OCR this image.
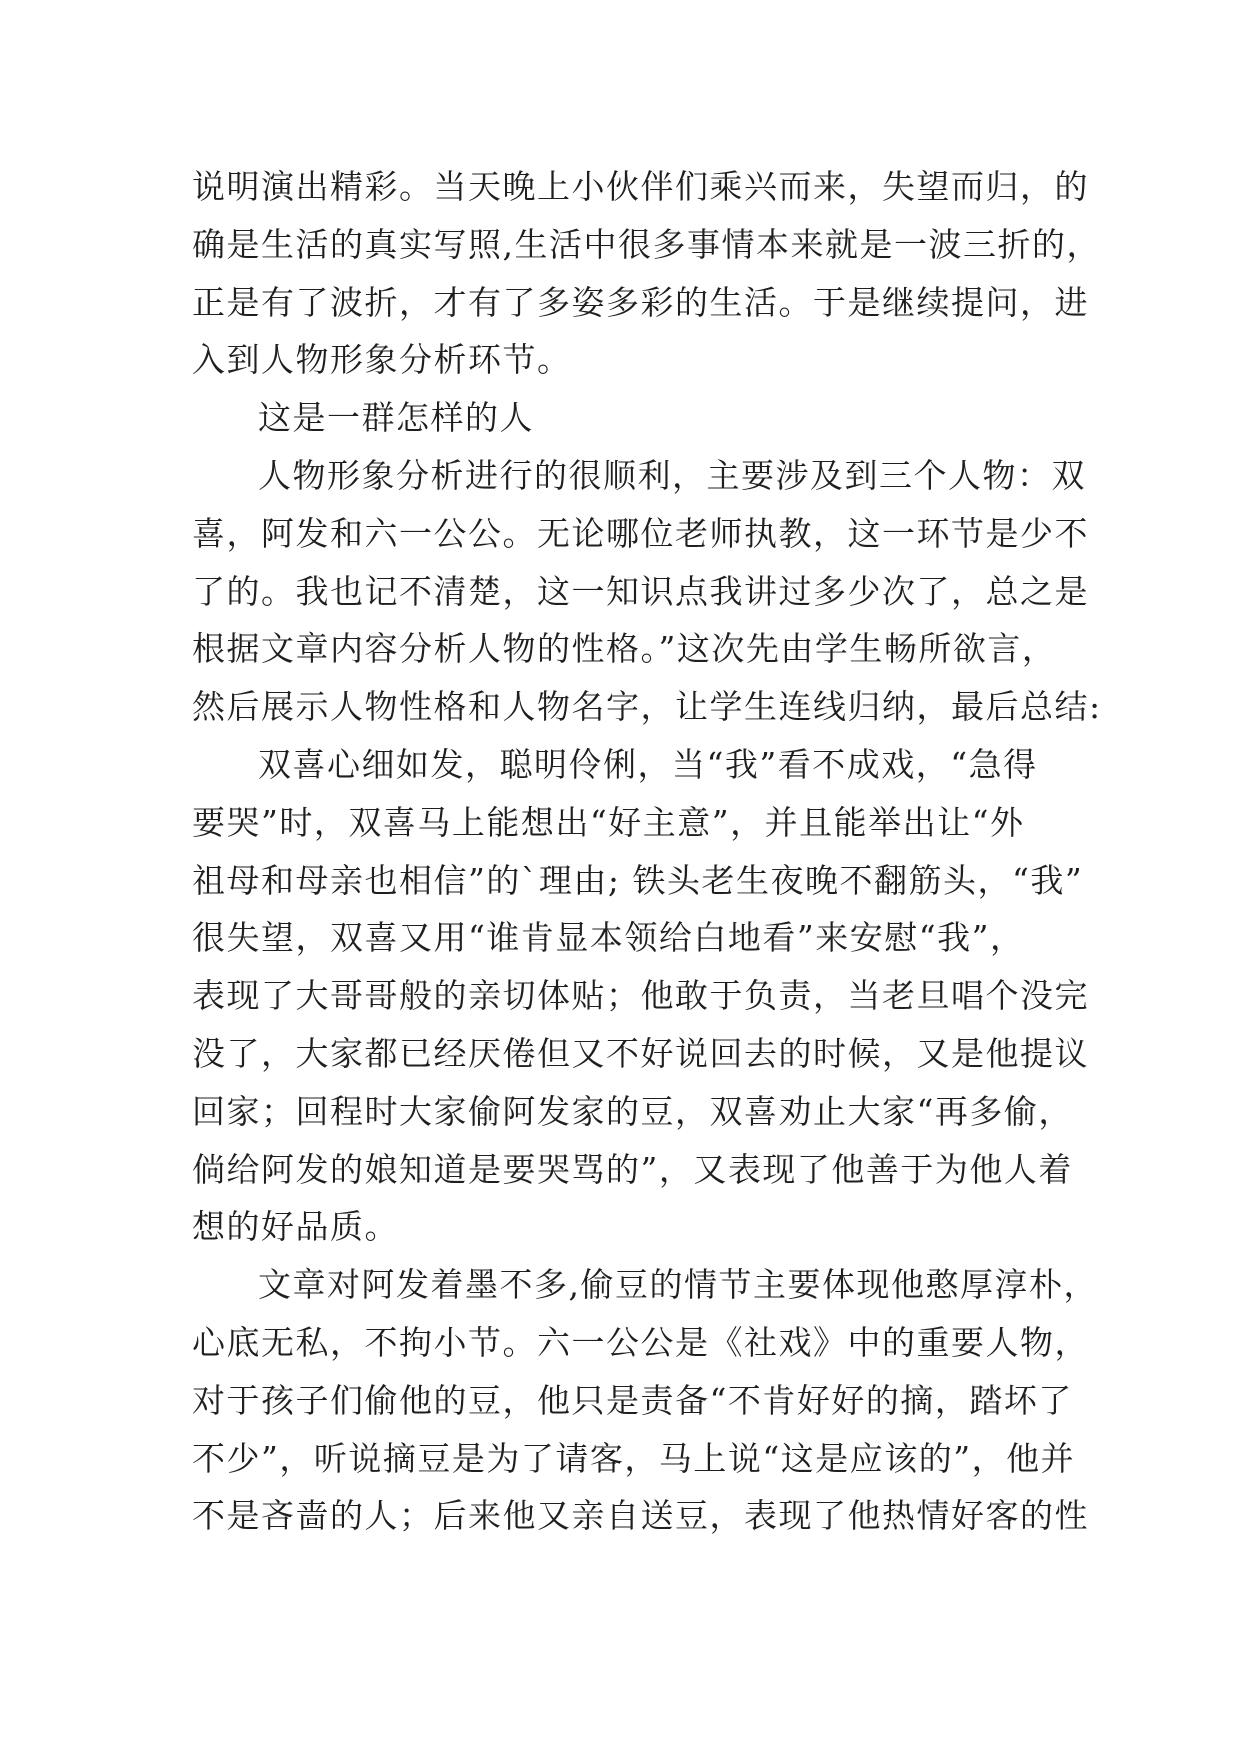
说明演出精彩。当天晚上小伙伴们乘兴而来，失望而归，的
确是生活的真实写照,生活中很多事情本来就是一波三折的，
正是有了波折，才有了多姿多彩的生活。于是继续提问，进
入到人物形象分析环节。
这是一群怎样的人
人物形象分析进行的很顺利，主要涉及到三个人物：双
喜，阿发和六一公公。无论哪位老师执教，这一环节是少不
了的。我也记不清楚，这一知识点我讲过多少次了，总之是
根据文章内容分析人物的性格。”这次先由学生畅所欲言，
然后展示人物性格和人物名字，让学生连线归纳，最后总结:
双喜心细如发，聪明伶俐，当“我”看不成戏，“急得
要哭”时，双喜马上能想出“好主意”，并且能举出让“外
祖母和母亲也相信”的`理由; 铁头老生夜晚不翻筋头，“我”
很失望，双喜又用“谁肯显本领给白地看”来安慰“我”，
表现了大哥哥般的亲切体贴；他敢于负责，当老旦唱个没完
没了，大家都已经厌倦但又不好说回去的时候，又是他提议
回家；回程时大家偷阿发家的豆，双喜劝止大家“再多偷，
倘给阿发的娘知道是要哭骂的”，又表现了他善于为他人着
想的好品质。
文章对阿发着墨不多,偷豆的情节主要体现他憨厚淳朴，
心底无私，不拘小节。六一公公是《社戏》中的重要人物，
对于孩子们偷他的豆，他只是责备“不肯好好的摘，踏坏了
不少”，听说摘豆是为了请客，马上说“这是应该的”，他并
不是吝啬的人；后来他又亲自送豆，表现了他热情好客的性
